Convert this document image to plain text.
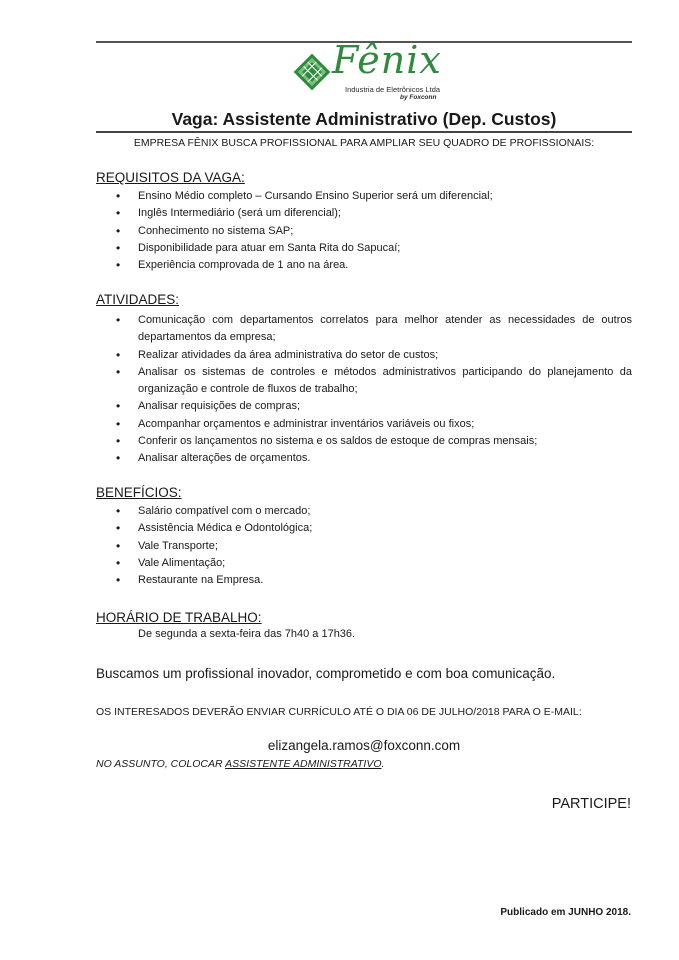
Fênix
Industria de Eletrônicos Ltda
by Foxconn
Vaga: Assistente Administrativo (Dep. Custos)
EMPRESA FÊNIX BUSCA PROFISSIONAL PARA AMPLIAR SEU QUADRO DE PROFISSIONAIS:
REQUISITOS DA VAGA:
• Ensino Médio completo – Cursando Ensino Superior será um diferencial;
• Inglês Intermediário (será um diferencial);
• Conhecimento no sistema SAP;
• Disponibilidade para atuar em Santa Rita do Sapucaí;
• Experiência comprovada de 1 ano na área.
ATIVIDADES:
• Comunicação com departamentos correlatos para melhor atender as necessidades de outros departamentos da empresa;
• Realizar atividades da área administrativa do setor de custos;
• Analisar os sistemas de controles e métodos administrativos participando do planejamento da organização e controle de fluxos de trabalho;
• Analisar requisições de compras;
• Acompanhar orçamentos e administrar inventários variáveis ou fixos;
• Conferir os lançamentos no sistema e os saldos de estoque de compras mensais;
• Analisar alterações de orçamentos.
BENEFÍCIOS:
• Salário compatível com o mercado;
• Assistência Médica e Odontológica;
• Vale Transporte;
• Vale Alimentação;
• Restaurante na Empresa.
HORÁRIO DE TRABALHO:
De segunda a sexta-feira das 7h40 a 17h36.
Buscamos um profissional inovador, comprometido e com boa comunicação.
OS INTERESADOS DEVERÃO ENVIAR CURRÍCULO ATÉ O DIA 06 DE JULHO/2018 PARA O E-MAIL:
elizangela.ramos@foxconn.com
NO ASSUNTO, COLOCAR ASSISTENTE ADMINISTRATIVO.
PARTICIPE!
Publicado em JUNHO 2018.
